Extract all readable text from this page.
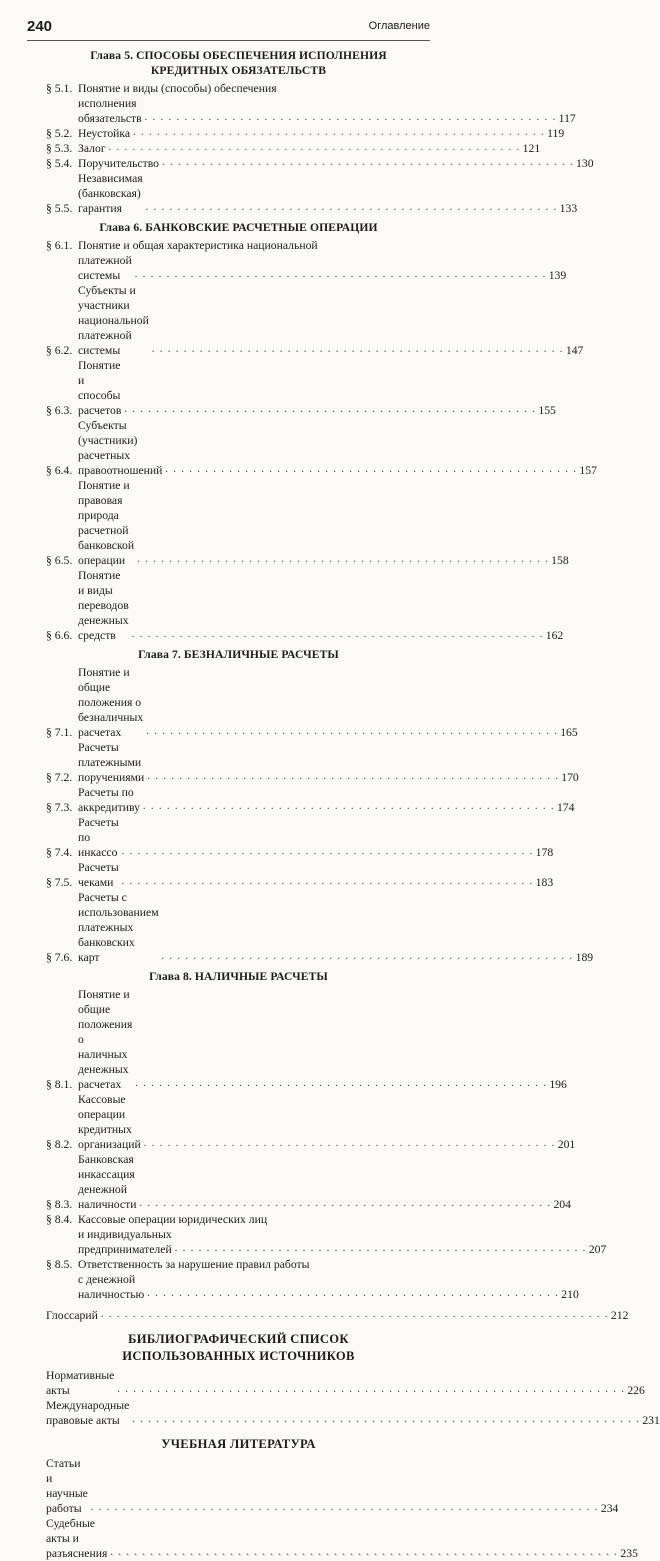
240	Оглавление
Глава 5. СПОСОБЫ ОБЕСПЕЧЕНИЯ ИСПОЛНЕНИЯ
КРЕДИТНЫХ ОБЯЗАТЕЛЬСТВ
§ 5.1. Понятие и виды (способы) обеспечения
исполнения обязательств . . . . . . . . . . . . . . . . . . . . . . . . . . . . . . . . . . . . . . . . . . . . . . . . . . . . 117
§ 5.2. Неустойка . . . . . . . . . . . . . . . . . . . . . . . . . . . . . . . . . . . . . . . . . . . . . . . . . . . . 119
§ 5.3. Залог . . . . . . . . . . . . . . . . . . . . . . . . . . . . . . . . . . . . . . . . . . . . . . . . . . . . 121
§ 5.4. Поручительство . . . . . . . . . . . . . . . . . . . . . . . . . . . . . . . . . . . . . . . . . . . . . . . . . . . . 130
§ 5.5.
Независимая (банковская) гарантия	. . . . . . . . . . . . . . . . . . . . . . . . . . . . . . . . . . . . . . . . . . . . . . . . . . . . 133
Глава 6. БАНКОВСКИЕ РАСЧЕТНЫЕ ОПЕРАЦИИ
§ 6.1. Понятие и общая характеристика национальной
платежной системы	. . . . . . . . . . . . . . . . . . . . . . . . . . . . . . . . . . . . . . . . . . . . . . . . . . . . 139
§ 6.2.
Субъекты и участники национальной платежной системы	. . . . . . . . . . . . . . . . . . . . . . . . . . . . . . . . . . . . . . . . . . . . . . . . . . . . 147
§ 6.3.
Понятие и способы расчетов . . . . . . . . . . . . . . . . . . . . . . . . . . . . . . . . . . . . . . . . . . . . . . . . . . . . 155
§ 6.4.
Субъекты (участники) расчетных правоотношений . . . . . . . . . . . . . . . . . . . . . . . . . . . . . . . . . . . . . . . . . . . . . . . . . . . . 157
§ 6.5.
Понятие и правовая природа расчетной банковской операции	. . . . . . . . . . . . . . . . . . . . . . . . . . . . . . . . . . . . . . . . . . . . . . . . . . . . 158
§ 6.6.
Понятие и виды переводов денежных средств	. . . . . . . . . . . . . . . . . . . . . . . . . . . . . . . . . . . . . . . . . . . . . . . . . . . . 162
Глава 7. БЕЗНАЛИЧНЫЕ РАСЧЕТЫ
§ 7.1.
Понятие и общие положения о безналичных расчетах	. . . . . . . . . . . . . . . . . . . . . . . . . . . . . . . . . . . . . . . . . . . . . . . . . . . . 165
§ 7.2.
Расчеты платежными поручениями . . . . . . . . . . . . . . . . . . . . . . . . . . . . . . . . . . . . . . . . . . . . . . . . . . . . 170
§ 7.3.
Расчеты по аккредитиву . . . . . . . . . . . . . . . . . . . . . . . . . . . . . . . . . . . . . . . . . . . . . . . . . . . . 174
§ 7.4.
Расчеты по инкассо . . . . . . . . . . . . . . . . . . . . . . . . . . . . . . . . . . . . . . . . . . . . . . . . . . . . 178
§ 7.5.
Расчеты чеками . . . . . . . . . . . . . . . . . . . . . . . . . . . . . . . . . . . . . . . . . . . . . . . . . . . . 183
§ 7.6.
Расчеты с использованием платежных банковских карт	. . . . . . . . . . . . . . . . . . . . . . . . . . . . . . . . . . . . . . . . . . . . . . . . . . . . 189
Глава 8. НАЛИЧНЫЕ РАСЧЕТЫ
§ 8.1.
Понятие и общие положения о наличных денежных расчетах	. . . . . . . . . . . . . . . . . . . . . . . . . . . . . . . . . . . . . . . . . . . . . . . . . . . . 196
§ 8.2.
Кассовые операции кредитных организаций . . . . . . . . . . . . . . . . . . . . . . . . . . . . . . . . . . . . . . . . . . . . . . . . . . . . 201
§ 8.3.
Банковская инкассация денежной наличности . . . . . . . . . . . . . . . . . . . . . . . . . . . . . . . . . . . . . . . . . . . . . . . . . . . . 204
§ 8.4. Кассовые операции юридических лиц
и индивидуальных предпринимателей . . . . . . . . . . . . . . . . . . . . . . . . . . . . . . . . . . . . . . . . . . . . . . . . . . . . 207
§ 8.5. Ответственность за нарушение правил работы
с денежной наличностью . . . . . . . . . . . . . . . . . . . . . . . . . . . . . . . . . . . . . . . . . . . . . . . . . . . . 210
Глоссарий . . . . . . . . . . . . . . . . . . . . . . . . . . . . . . . . . . . . . . . . . . . . . . . . . . . . . . . . . . . . . . . . 212
БИБЛИОГРАФИЧЕСКИЙ СПИСОК
ИСПОЛЬЗОВАННЫХ ИСТОЧНИКОВ
Нормативные акты	. . . . . . . . . . . . . . . . . . . . . . . . . . . . . . . . . . . . . . . . . . . . . . . . . . . . . . . . . . . . . . . . 226
Международные правовые акты	. . . . . . . . . . . . . . . . . . . . . . . . . . . . . . . . . . . . . . . . . . . . . . . . . . . . . . . . . . . . . . . . 231
УЧЕБНАЯ ЛИТЕРАТУРА
Статьи и научные работы . . . . . . . . . . . . . . . . . . . . . . . . . . . . . . . . . . . . . . . . . . . . . . . . . . . . . . . . . . . . . . . . 234
Судебные акты и разъяснения . . . . . . . . . . . . . . . . . . . . . . . . . . . . . . . . . . . . . . . . . . . . . . . . . . . . . . . . . . . . . . . . 235
